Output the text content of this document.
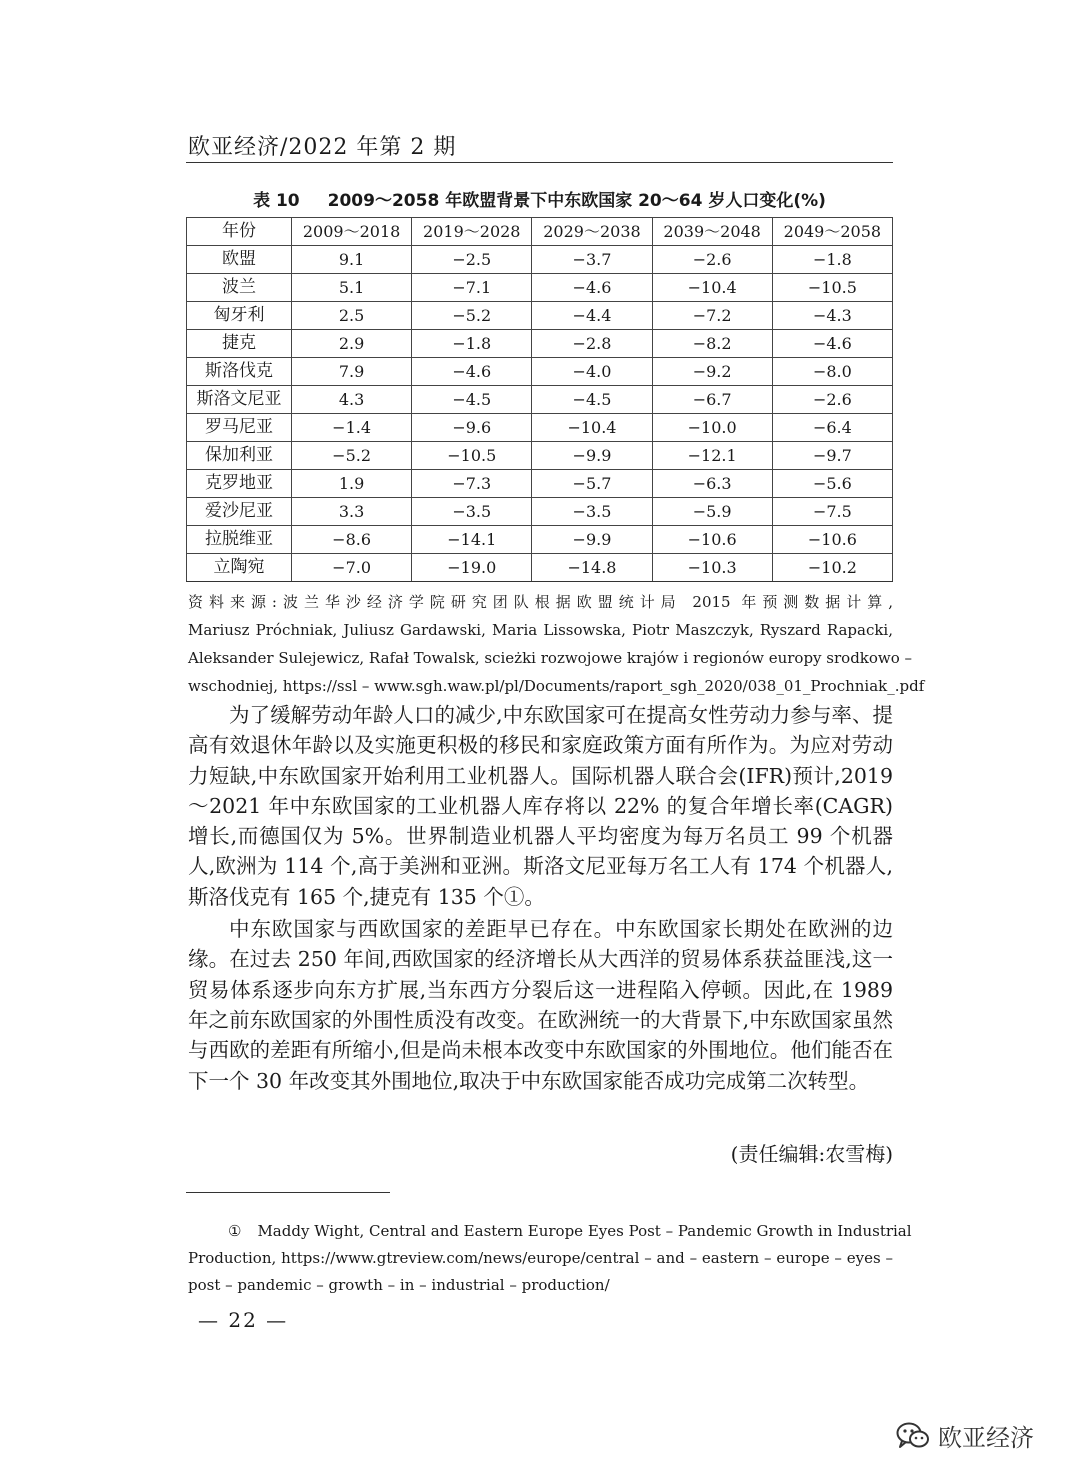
欧亚经济/2022 年第 2 期
表 10 2009～2058 年欧盟背景下中东欧国家 20～64 岁人口变化(%)
年份	2009～2018	2019～2028	2029～2038	2039～2048	2049～2058
欧盟	9.1	−2.5	−3.7	−2.6	−1.8
波兰	5.1	−7.1	−4.6	−10.4	−10.5
匈牙利	2.5	−5.2	−4.4	−7.2	−4.3
捷克	2.9	−1.8	−2.8	−8.2	−4.6
斯洛伐克	7.9	−4.6	−4.0	−9.2	−8.0
斯洛文尼亚	4.3	−4.5	−4.5	−6.7	−2.6
罗马尼亚	−1.4	−9.6	−10.4	−10.0	−6.4
保加利亚	−5.2	−10.5	−9.9	−12.1	−9.7
克罗地亚	1.9	−7.3	−5.7	−6.3	−5.6
爱沙尼亚	3.3	−3.5	−3.5	−5.9	−7.5
拉脱维亚	−8.6	−14.1	−9.9	−10.6	−10.6
立陶宛	−7.0	−19.0	−14.8	−10.3	−10.2
资料来源:波兰华沙经济学院研究团队根据欧盟统计局 2015 年预测数据计算,
Mariusz Próchniak, Juliusz Gardawski, Maria Lissowska, Piotr Maszczyk, Ryszard Rapacki,
Aleksander Sulejewicz, Rafał Towalsk, scieżki rozwojowe krajów i regionów europy srodkowo –
wschodniej, https://ssl – www.sgh.waw.pl/pl/Documents/raport_sgh_2020/038_01_Prochniak_.pdf

为了缓解劳动年龄人口的减少,中东欧国家可在提高女性劳动力参与率、提高有效退休年龄以及实施更积极的移民和家庭政策方面有所作为。为应对劳动力短缺,中东欧国家开始利用工业机器人。国际机器人联合会(IFR)预计,2019～2021 年中东欧国家的工业机器人库存将以 22% 的复合年增长率(CAGR)增长,而德国仅为 5%。世界制造业机器人平均密度为每万名员工 99 个机器人,欧洲为 114 个,高于美洲和亚洲。斯洛文尼亚每万名工人有 174 个机器人,斯洛伐克有 165 个,捷克有 135 个①。

中东欧国家与西欧国家的差距早已存在。中东欧国家长期处在欧洲的边缘。在过去 250 年间,西欧国家的经济增长从大西洋的贸易体系获益匪浅,这一贸易体系逐步向东方扩展,当东西方分裂后这一进程陷入停顿。因此,在 1989 年之前东欧国家的外围性质没有改变。在欧洲统一的大背景下,中东欧国家虽然与西欧的差距有所缩小,但是尚未根本改变中东欧国家的外围地位。他们能否在下一个 30 年改变其外围地位,取决于中东欧国家能否成功完成第二次转型。

(责任编辑:农雪梅)
① Maddy Wight, Central and Eastern Europe Eyes Post – Pandemic Growth in Industrial
Production, https://www.gtreview.com/news/europe/central – and – eastern – europe – eyes –
post – pandemic – growth – in – industrial – production/
— 22 —
欧亚经济
